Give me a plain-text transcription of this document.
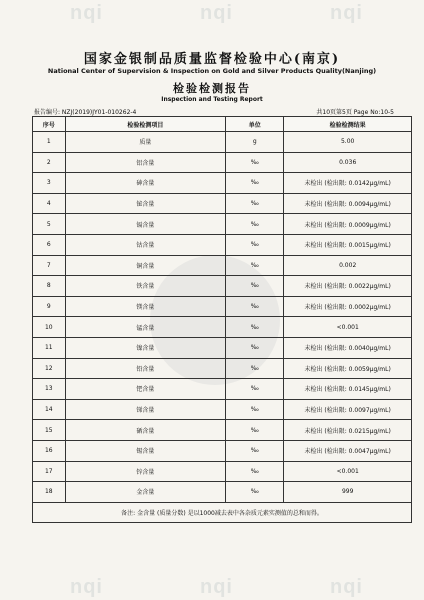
nqi	nqi	nqi
nqi	nqi	nqi
国家金银制品质量监督检验中心(南京)
National Center of Supervision & Inspection on Gold and Silver Products Quality(Nanjing)
检验检测报告
Inspection and Testing Report
报告编号: NZJ(2019)JY01-010262-4	共10页第5页 Page No:10-5
序号	检验检测项目	单位	检验检测结果
1	质量	g	5.00
2	铝含量	‰	0.036
3	砷含量	‰	未检出 (检出限: 0.0142μg/mL)
4	铋含量	‰	未检出 (检出限: 0.0094μg/mL)
5	镉含量	‰	未检出 (检出限: 0.0009μg/mL)
6	钴含量	‰	未检出 (检出限: 0.0015μg/mL)
7	铜含量	‰	0.002
8	铁含量	‰	未检出 (检出限: 0.0022μg/mL)
9	镁含量	‰	未检出 (检出限: 0.0002μg/mL)
10	锰含量	‰	<0.001
11	镍含量	‰	未检出 (检出限: 0.0040μg/mL)
12	铅含量	‰	未检出 (检出限: 0.0059μg/mL)
13	钯含量	‰	未检出 (检出限: 0.0145μg/mL)
14	锑含量	‰	未检出 (检出限: 0.0097μg/mL)
15	硒含量	‰	未检出 (检出限: 0.0215μg/mL)
16	锡含量	‰	未检出 (检出限: 0.0047μg/mL)
17	锌含量	‰	<0.001
18	金含量	‰	999
备注: 金含量 (质量分数) 是以1000减去表中各杂质元素实测值的总和而得。			
